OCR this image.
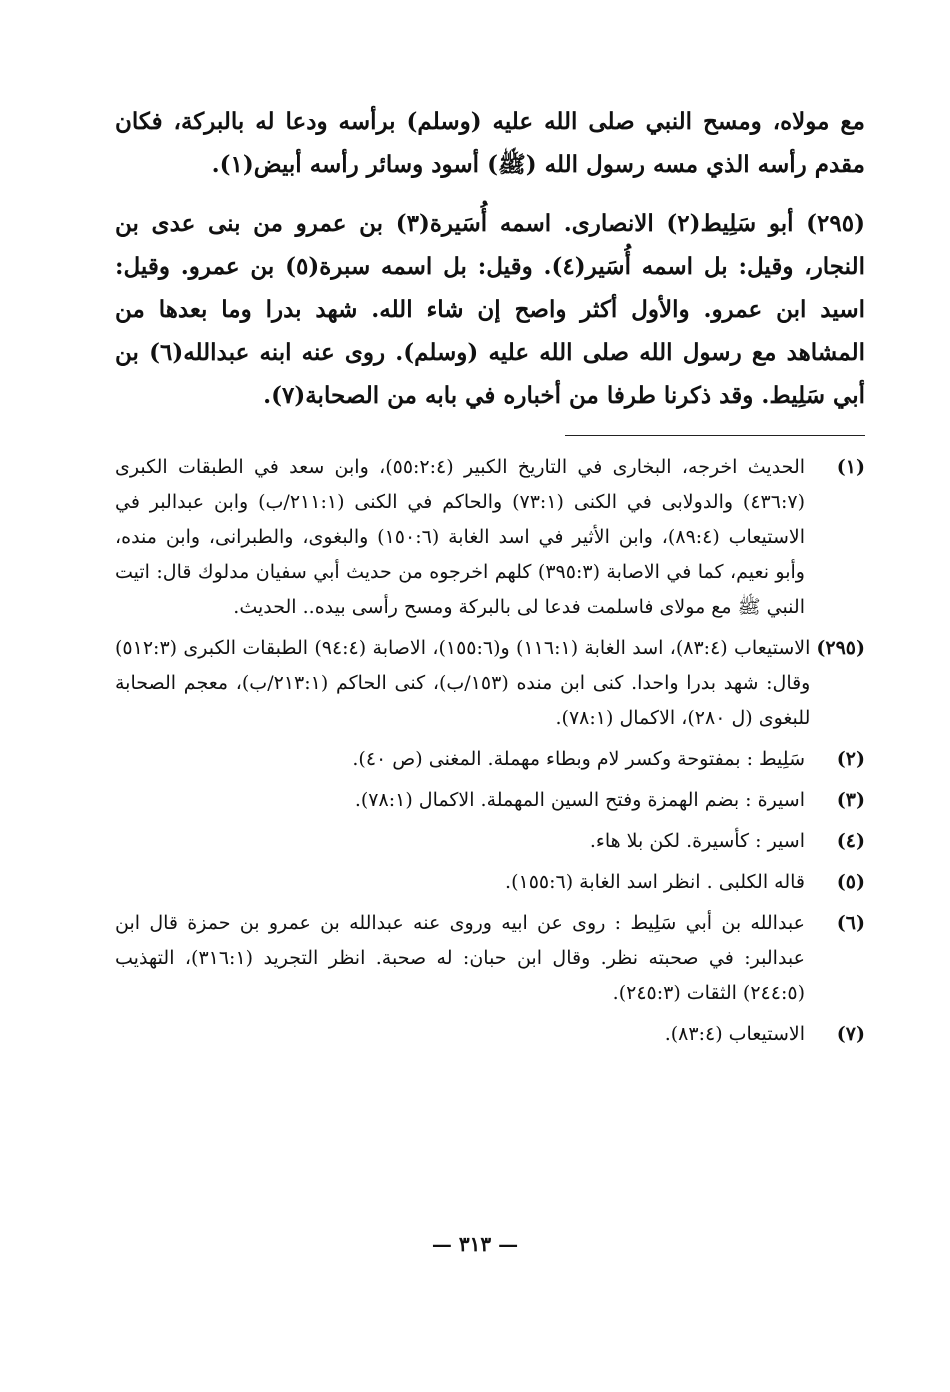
مع مولاه، ومسح النبي صلى الله عليه (وسلم) برأسه ودعا له بالبركة، فكان مقدم رأسه الذي مسه رسول الله (ﷺ) أسود وسائر رأسه أبيض(١).

(٢٩٥) أبو سَلِيط(٢) الانصارى. اسمه أُسَيرة(٣) بن عمرو من بنى عدى بن النجار، وقيل: بل اسمه أُسَير(٤). وقيل: بل اسمه سبرة(٥) بن عمرو. وقيل: اسيد ابن عمرو. والأول أكثر واصح إن شاء الله. شهد بدرا وما بعدها من المشاهد مع رسول الله صلى الله عليه (وسلم). روى عنه ابنه عبدالله(٦) بن أبي سَلِيط. وقد ذكرنا طرفا من أخباره في بابه من الصحابة(٧).

(١)
الحديث اخرجه، البخارى في التاريخ الكبير (٥٥:٢:٤)، وابن سعد في الطبقات الكبرى (٤٣٦:٧) والدولابى في الكنى (٧٣:١) والحاكم في الكنى (٢١١:١/ب) وابن عبدالبر في الاستيعاب (٨٩:٤)، وابن الأثير في اسد الغابة (١٥٠:٦) والبغوى، والطبرانى، وابن منده، وأبو نعيم، كما في الاصابة (٣٩٥:٣) كلهم اخرجوه من حديث أبي سفيان مدلوك قال: اتيت النبي ﷺ مع مولاى فاسلمت فدعا لى بالبركة ومسح رأسى بيده.. الحديث.
(٢٩٥)
الاستيعاب (٨٣:٤)، اسد الغابة (١١٦:١) و(١٥٥:٦)، الاصابة (٩٤:٤) الطبقات الكبرى (٥١٢:٣) وقال: شهد بدرا واحدا. كنى ابن منده (١٥٣/ب)، كنى الحاكم (٢١٣:١/ب)، معجم الصحابة للبغوى (ل ٢٨٠)، الاكمال (٧٨:١).
(٢)
سَلِيط : بمفتوحة وكسر لام وبطاء مهملة. المغنى (ص ٤٠).
(٣)
اسيرة : بضم الهمزة وفتح السين المهملة. الاكمال (٧٨:١).
(٤)
اسير : كأسيرة. لكن بلا هاء.
(٥)
قاله الكلبى . انظر اسد الغابة (١٥٥:٦).
(٦)
عبدالله بن أبي سَلِيط : روى عن ابيه وروى عنه عبدالله بن عمرو بن حمزة قال ابن عبدالبر: في صحبته نظر. وقال ابن حبان: له صحبة. انظر التجريد (٣١٦:١)، التهذيب (٢٤٤:٥) الثقات (٢٤٥:٣).
(٧)
الاستيعاب (٨٣:٤).
— ٣١٣ —
